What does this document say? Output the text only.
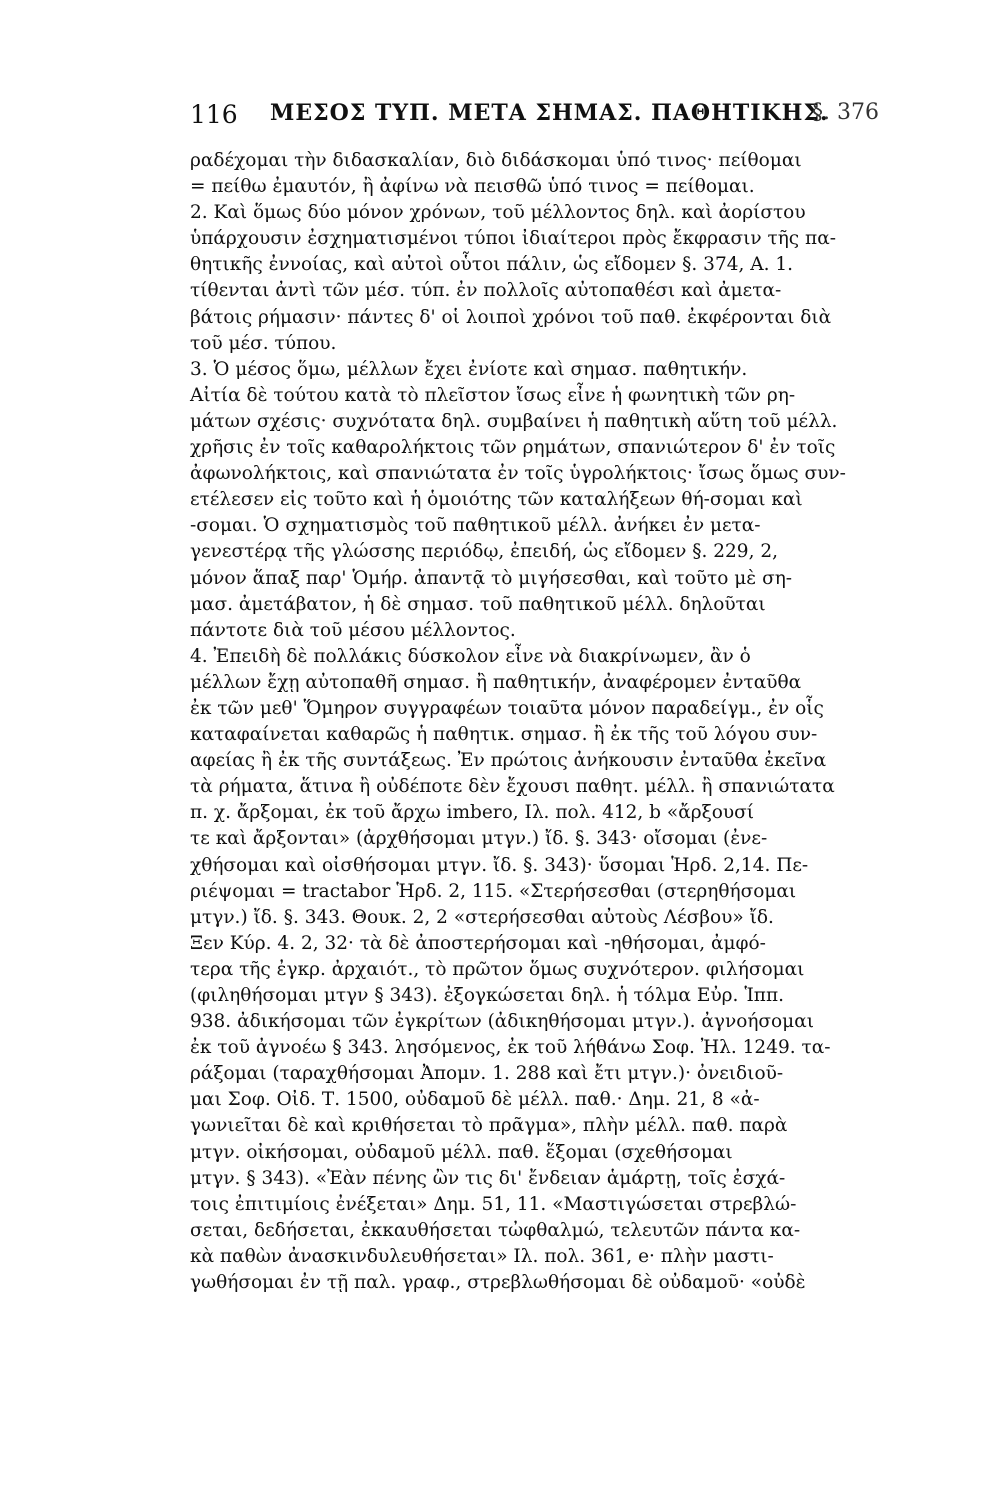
116 ΜΕΣΟΣ ΤΥΠ. ΜΕΤΑ ΣΗΜΑΣ. ΠΑΘΗΤΙΚΗΣ.
§. 376
ραδέχομαι τὴν διδασκαλίαν, διὸ διδάσκομαι ὑπό τινος· πείθομαι
= πείθω ἐμαυτόν, ἢ ἀφίνω νὰ πεισθῶ ὑπό τινος = πείθομαι.
2. Καὶ ὅμως δύο μόνον χρόνων, τοῦ μέλλοντος δηλ. καὶ ἀορίστου
ὑπάρχουσιν ἐσχηματισμένοι τύποι ἰδιαίτεροι πρὸς ἔκφρασιν τῆς πα-
θητικῆς ἐννοίας, καὶ αὐτοὶ οὗτοι πάλιν, ὡς εἴδομεν §. 374, Α. 1.
τίθενται ἀντὶ τῶν μέσ. τύπ. ἐν πολλοῖς αὐτοπαθέσι καὶ ἀμετα-
βάτοις ρήμασιν· πάντες δ' οἱ λοιποὶ χρόνοι τοῦ παθ. ἐκφέρονται διὰ
τοῦ μέσ. τύπου.
3. Ὁ μέσος ὅμω, μέλλων ἔχει ἐνίοτε καὶ σημασ. παθητικήν.
Αἰτία δὲ τούτου κατὰ τὸ πλεῖστον ἴσως εἶνε ἡ φωνητικὴ τῶν ρη-
μάτων σχέσις· συχνότατα δηλ. συμβαίνει ἡ παθητικὴ αὕτη τοῦ μέλλ.
χρῆσις ἐν τοῖς καθαρολήκτοις τῶν ρημάτων, σπανιώτερον δ' ἐν τοῖς
ἀφωνολήκτοις, καὶ σπανιώτατα ἐν τοῖς ὑγρολήκτοις· ἴσως ὅμως συν-
ετέλεσεν εἰς τοῦτο καὶ ἡ ὁμοιότης τῶν καταλήξεων θή-σομαι καὶ
-σομαι. Ὁ σχηματισμὸς τοῦ παθητικοῦ μέλλ. ἀνήκει ἐν μετα-
γενεστέρᾳ τῆς γλώσσης περιόδῳ, ἐπειδή, ὡς εἴδομεν §. 229, 2,
μόνον ἅπαξ παρ' Ὁμήρ. ἀπαντᾷ τὸ μιγήσεσθαι, καὶ τοῦτο μὲ ση-
μασ. ἀμετάβατον, ἡ δὲ σημασ. τοῦ παθητικοῦ μέλλ. δηλοῦται
πάντοτε διὰ τοῦ μέσου μέλλοντος.
4. Ἐπειδὴ δὲ πολλάκις δύσκολον εἶνε νὰ διακρίνωμεν, ἂν ὁ
μέλλων ἔχῃ αὐτοπαθῆ σημασ. ἢ παθητικήν, ἀναφέρομεν ἐνταῦθα
ἐκ τῶν μεθ' Ὅμηρον συγγραφέων τοιαῦτα μόνον παραδείγμ., ἐν οἷς
καταφαίνεται καθαρῶς ἡ παθητικ. σημασ. ἢ ἐκ τῆς τοῦ λόγου συν-
αφείας ἢ ἐκ τῆς συντάξεως. Ἐν πρώτοις ἀνήκουσιν ἐνταῦθα ἐκεῖνα
τὰ ρήματα, ἅτινα ἢ οὐδέποτε δὲν ἔχουσι παθητ. μέλλ. ἢ σπανιώτατα
π. χ. ἄρξομαι, ἐκ τοῦ ἄρχω imbero, Ιλ. πολ. 412, b «ἄρξουσί
τε καὶ ἄρξονται» (ἀρχθήσομαι μτγν.) ἴδ. §. 343· οἴσομαι (ἐνε-
χθήσομαι καὶ οἰσθήσομαι μτγν. ἴδ. §. 343)· ὕσομαι Ἡρδ. 2,14. Πε-
ριέψομαι = tractabor Ἡρδ. 2, 115. «Στερήσεσθαι (στερηθήσομαι
μτγν.) ἴδ. §. 343. Θουκ. 2, 2 «στερήσεσθαι αὐτοὺς Λέσβου» ἴδ.
Ξεν Κύρ. 4. 2, 32· τὰ δὲ ἀποστερήσομαι καὶ -ηθήσομαι, ἀμφό-
τερα τῆς ἐγκρ. ἀρχαιότ., τὸ πρῶτον ὅμως συχνότερον. φιλήσομαι
(φιληθήσομαι μτγν § 343). ἐξογκώσεται δηλ. ἡ τόλμα Εὐρ. Ἱππ.
938. ἀδικήσομαι τῶν ἐγκρίτων (ἀδικηθήσομαι μτγν.). ἀγνοήσομαι
ἐκ τοῦ ἀγνοέω § 343. λησόμενος, ἐκ τοῦ λήθάνω Σοφ. Ἠλ. 1249. τα-
ράξομαι (ταραχθήσομαι Ἀπομν. 1. 288 καὶ ἔτι μτγν.)· ὀνειδιοῦ-
μαι Σοφ. Οἰδ. Τ. 1500, οὐδαμοῦ δὲ μέλλ. παθ.· Δημ. 21, 8 «ἀ-
γωνιεῖται δὲ καὶ κριθήσεται τὸ πρᾶγμα», πλὴν μέλλ. παθ. παρὰ
μτγν. οἰκήσομαι, οὐδαμοῦ μέλλ. παθ. ἕξομαι (σχεθήσομαι
μτγν. § 343). «Ἐὰν πένης ὢν τις δι' ἔνδειαν ἁμάρτῃ, τοῖς ἐσχά-
τοις ἐπιτιμίοις ἐνέξεται» Δημ. 51, 11. «Μαστιγώσεται στρεβλώ-
σεται, δεδήσεται, ἐκκαυθήσεται τὠφθαλμώ, τελευτῶν πάντα κα-
κὰ παθὼν ἀνασκινδυλευθήσεται» Ιλ. πολ. 361, e· πλὴν μαστι-
γωθήσομαι ἐν τῇ παλ. γραφ., στρεβλωθήσομαι δὲ οὐδαμοῦ· «οὐδὲ
